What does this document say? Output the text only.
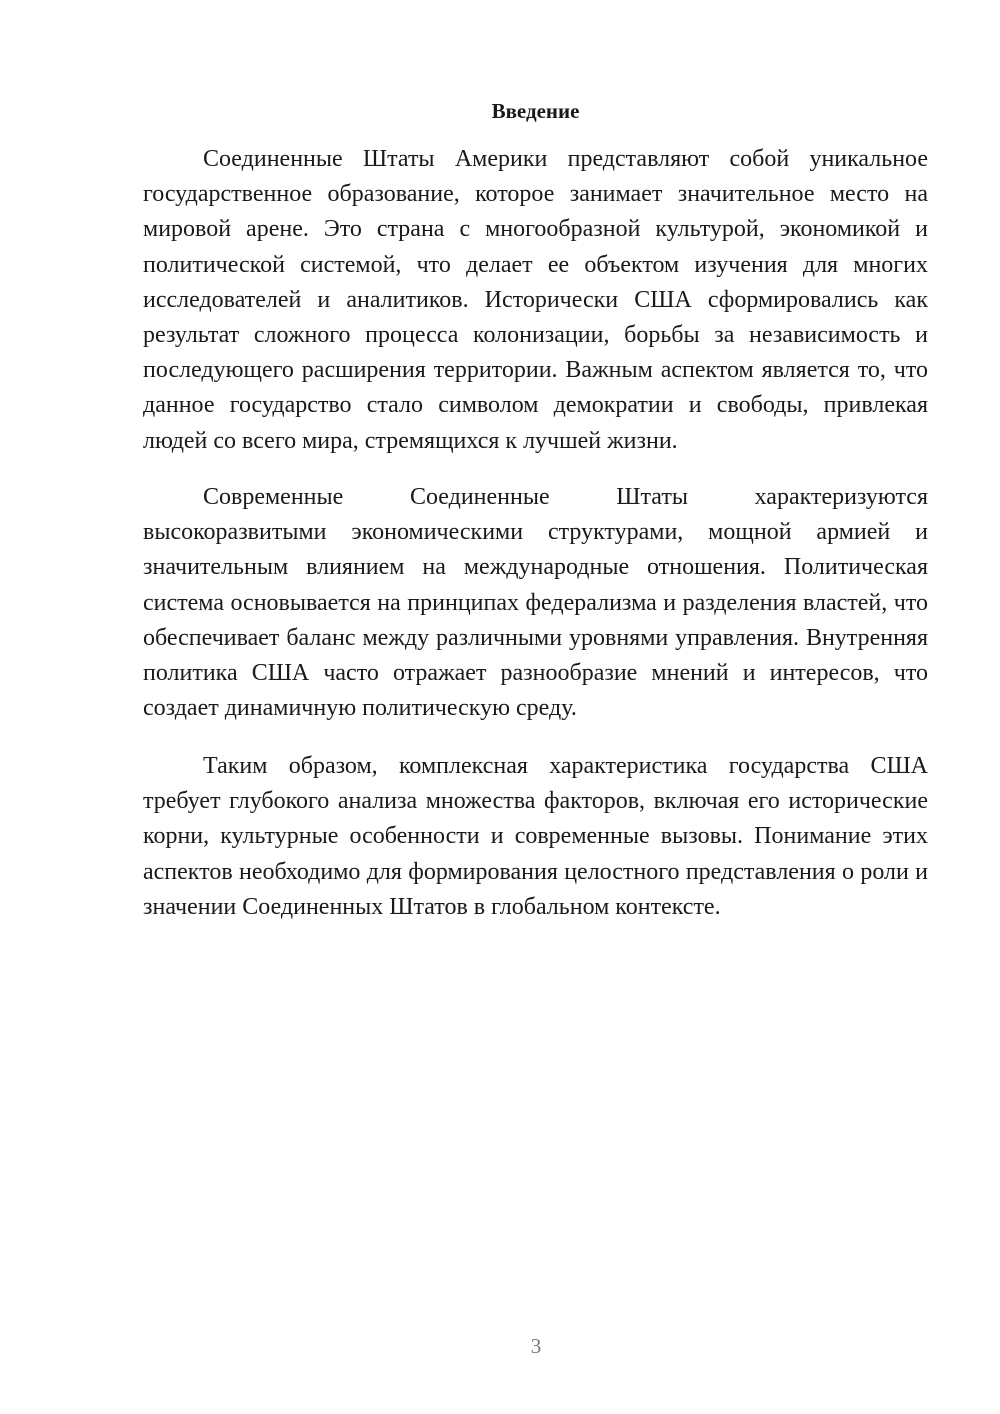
Введение

Соединенные Штаты Америки представляют собой уникальное государственное образование, которое занимает значительное место на мировой арене. Это страна с многообразной культурой, экономикой и политической системой, что делает ее объектом изучения для многих исследователей и аналитиков. Исторически США сформировались как результат сложного процесса колонизации, борьбы за независимость и последующего расширения территории. Важным аспектом является то, что данное государство стало символом демократии и свободы, привлекая людей со всего мира, стремящихся к лучшей жизни.

Современные Соединенные Штаты характеризуются высокоразвитыми экономическими структурами, мощной армией и значительным влиянием на международные отношения. Политическая система основывается на принципах федерализма и разделения властей, что обеспечивает баланс между различными уровнями управления. Внутренняя политика США часто отражает разнообразие мнений и интересов, что создает динамичную политическую среду.

Таким образом, комплексная характеристика государства США требует глубокого анализа множества факторов, включая его исторические корни, культурные особенности и современные вызовы. Понимание этих аспектов необходимо для формирования целостного представления о роли и значении Соединенных Штатов в глобальном контексте.

3
